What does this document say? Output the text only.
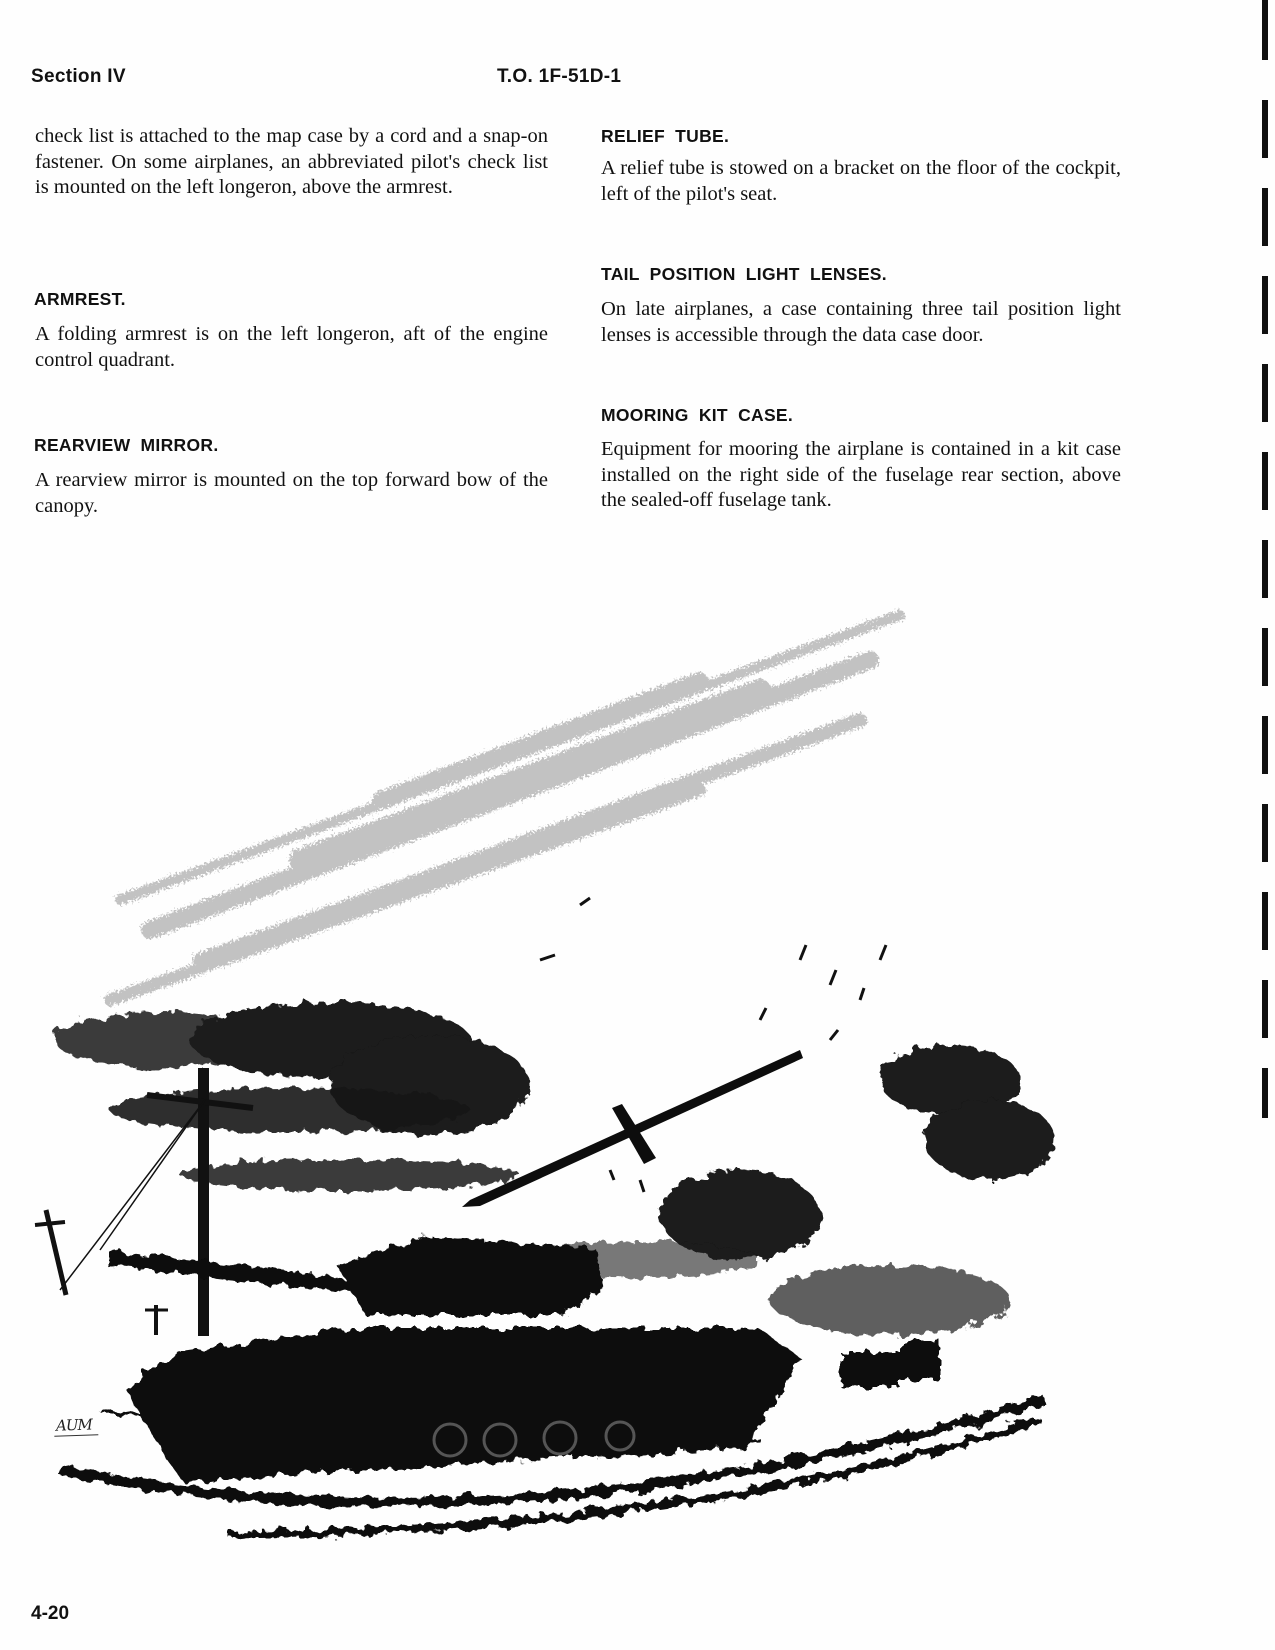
Section IV	T.O. 1F-51D-1

check list is attached to the map case by a cord and a snap-on fastener. On some airplanes, an abbreviated pilot's check list is mounted on the left longeron, above the armrest.

ARMREST.

A folding armrest is on the left longeron, aft of the engine control quadrant.

REARVIEW MIRROR.

A rearview mirror is mounted on the top forward bow of the canopy.

RELIEF TUBE.

A relief tube is stowed on a bracket on the floor of the cockpit, left of the pilot's seat.

TAIL POSITION LIGHT LENSES.

On late airplanes, a case containing three tail position light lenses is accessible through the data case door.

MOORING KIT CASE.

Equipment for mooring the airplane is contained in a kit case installed on the right side of the fuselage rear section, above the sealed-off fuselage tank.

AUM
4-20
